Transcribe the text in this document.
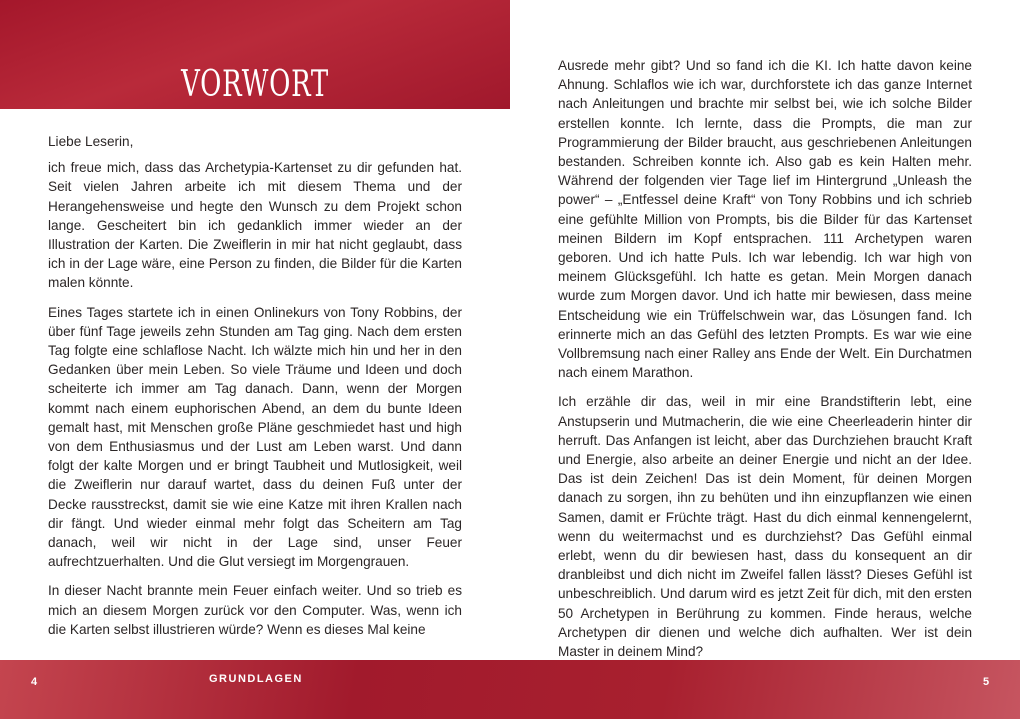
VORWORT

Liebe Leserin,

ich freue mich, dass das Archetypia-Kartenset zu dir gefunden hat. Seit vielen Jahren arbeite ich mit diesem Thema und der Herangehensweise und hegte den Wunsch zu dem Projekt schon lange. Gescheitert bin ich gedanklich immer wieder an der Illustration der Karten. Die Zweiflerin in mir hat nicht geglaubt, dass ich in der Lage wäre, eine Person zu finden, die Bilder für die Karten malen könnte.

Eines Tages startete ich in einen Onlinekurs von Tony Robbins, der über fünf Tage jeweils zehn Stunden am Tag ging. Nach dem ersten Tag folgte eine schlaflose Nacht. Ich wälzte mich hin und her in den Gedanken über mein Leben. So viele Träume und Ideen und doch scheiterte ich immer am Tag danach. Dann, wenn der Morgen kommt nach einem euphorischen Abend, an dem du bunte Ideen gemalt hast, mit Menschen große Pläne geschmiedet hast und high von dem Enthusiasmus und der Lust am Leben warst. Und dann folgt der kalte Morgen und er bringt Taubheit und Mutlosigkeit, weil die Zweiflerin nur darauf wartet, dass du deinen Fuß unter der Decke rausstreckst, damit sie wie eine Katze mit ihren Krallen nach dir fängt. Und wieder einmal mehr folgt das Scheitern am Tag danach, weil wir nicht in der Lage sind, unser Feuer aufrechtzuerhalten. Und die Glut versiegt im Morgengrauen.

In dieser Nacht brannte mein Feuer einfach weiter. Und so trieb es mich an diesem Morgen zurück vor den Computer. Was, wenn ich die Karten selbst illustrieren würde? Wenn es dieses Mal keine

Ausrede mehr gibt? Und so fand ich die KI. Ich hatte davon keine Ahnung. Schlaflos wie ich war, durchforstete ich das ganze Internet nach Anleitungen und brachte mir selbst bei, wie ich solche Bilder erstellen konnte. Ich lernte, dass die Prompts, die man zur Programmierung der Bilder braucht, aus geschriebenen Anleitungen bestanden. Schreiben konnte ich. Also gab es kein Halten mehr. Während der folgenden vier Tage lief im Hintergrund „Unleash the power“ – „Entfessel deine Kraft“ von Tony Robbins und ich schrieb eine gefühlte Million von Prompts, bis die Bilder für das Kartenset meinen Bildern im Kopf entsprachen. 111 Archetypen waren geboren. Und ich hatte Puls. Ich war lebendig. Ich war high von meinem Glücksgefühl. Ich hatte es getan. Mein Morgen danach wurde zum Morgen davor. Und ich hatte mir bewiesen, dass meine Entscheidung wie ein Trüffelschwein war, das Lösungen fand. Ich erinnerte mich an das Gefühl des letzten Prompts. Es war wie eine Vollbremsung nach einer Ralley ans Ende der Welt. Ein Durchatmen nach einem Marathon.

Ich erzähle dir das, weil in mir eine Brandstifterin lebt, eine Anstupserin und Mutmacherin, die wie eine Cheerleaderin hinter dir herruft. Das Anfangen ist leicht, aber das Durchziehen braucht Kraft und Energie, also arbeite an deiner Energie und nicht an der Idee. Das ist dein Zeichen! Das ist dein Moment, für deinen Morgen danach zu sorgen, ihn zu behüten und ihn einzupflanzen wie einen Samen, damit er Früchte trägt. Hast du dich einmal kennengelernt, wenn du weitermachst und es durchziehst? Das Gefühl einmal erlebt, wenn du dir bewiesen hast, dass du konsequent an dir dranbleibst und dich nicht im Zweifel fallen lässt? Dieses Gefühl ist unbeschreiblich. Und darum wird es jetzt Zeit für dich, mit den ersten 50 Archetypen in Berührung zu kommen. Finde heraus, welche Archetypen dir dienen und welche dich aufhalten. Wer ist dein Master in deinem Mind?

4	GRUNDLAGEN	5
